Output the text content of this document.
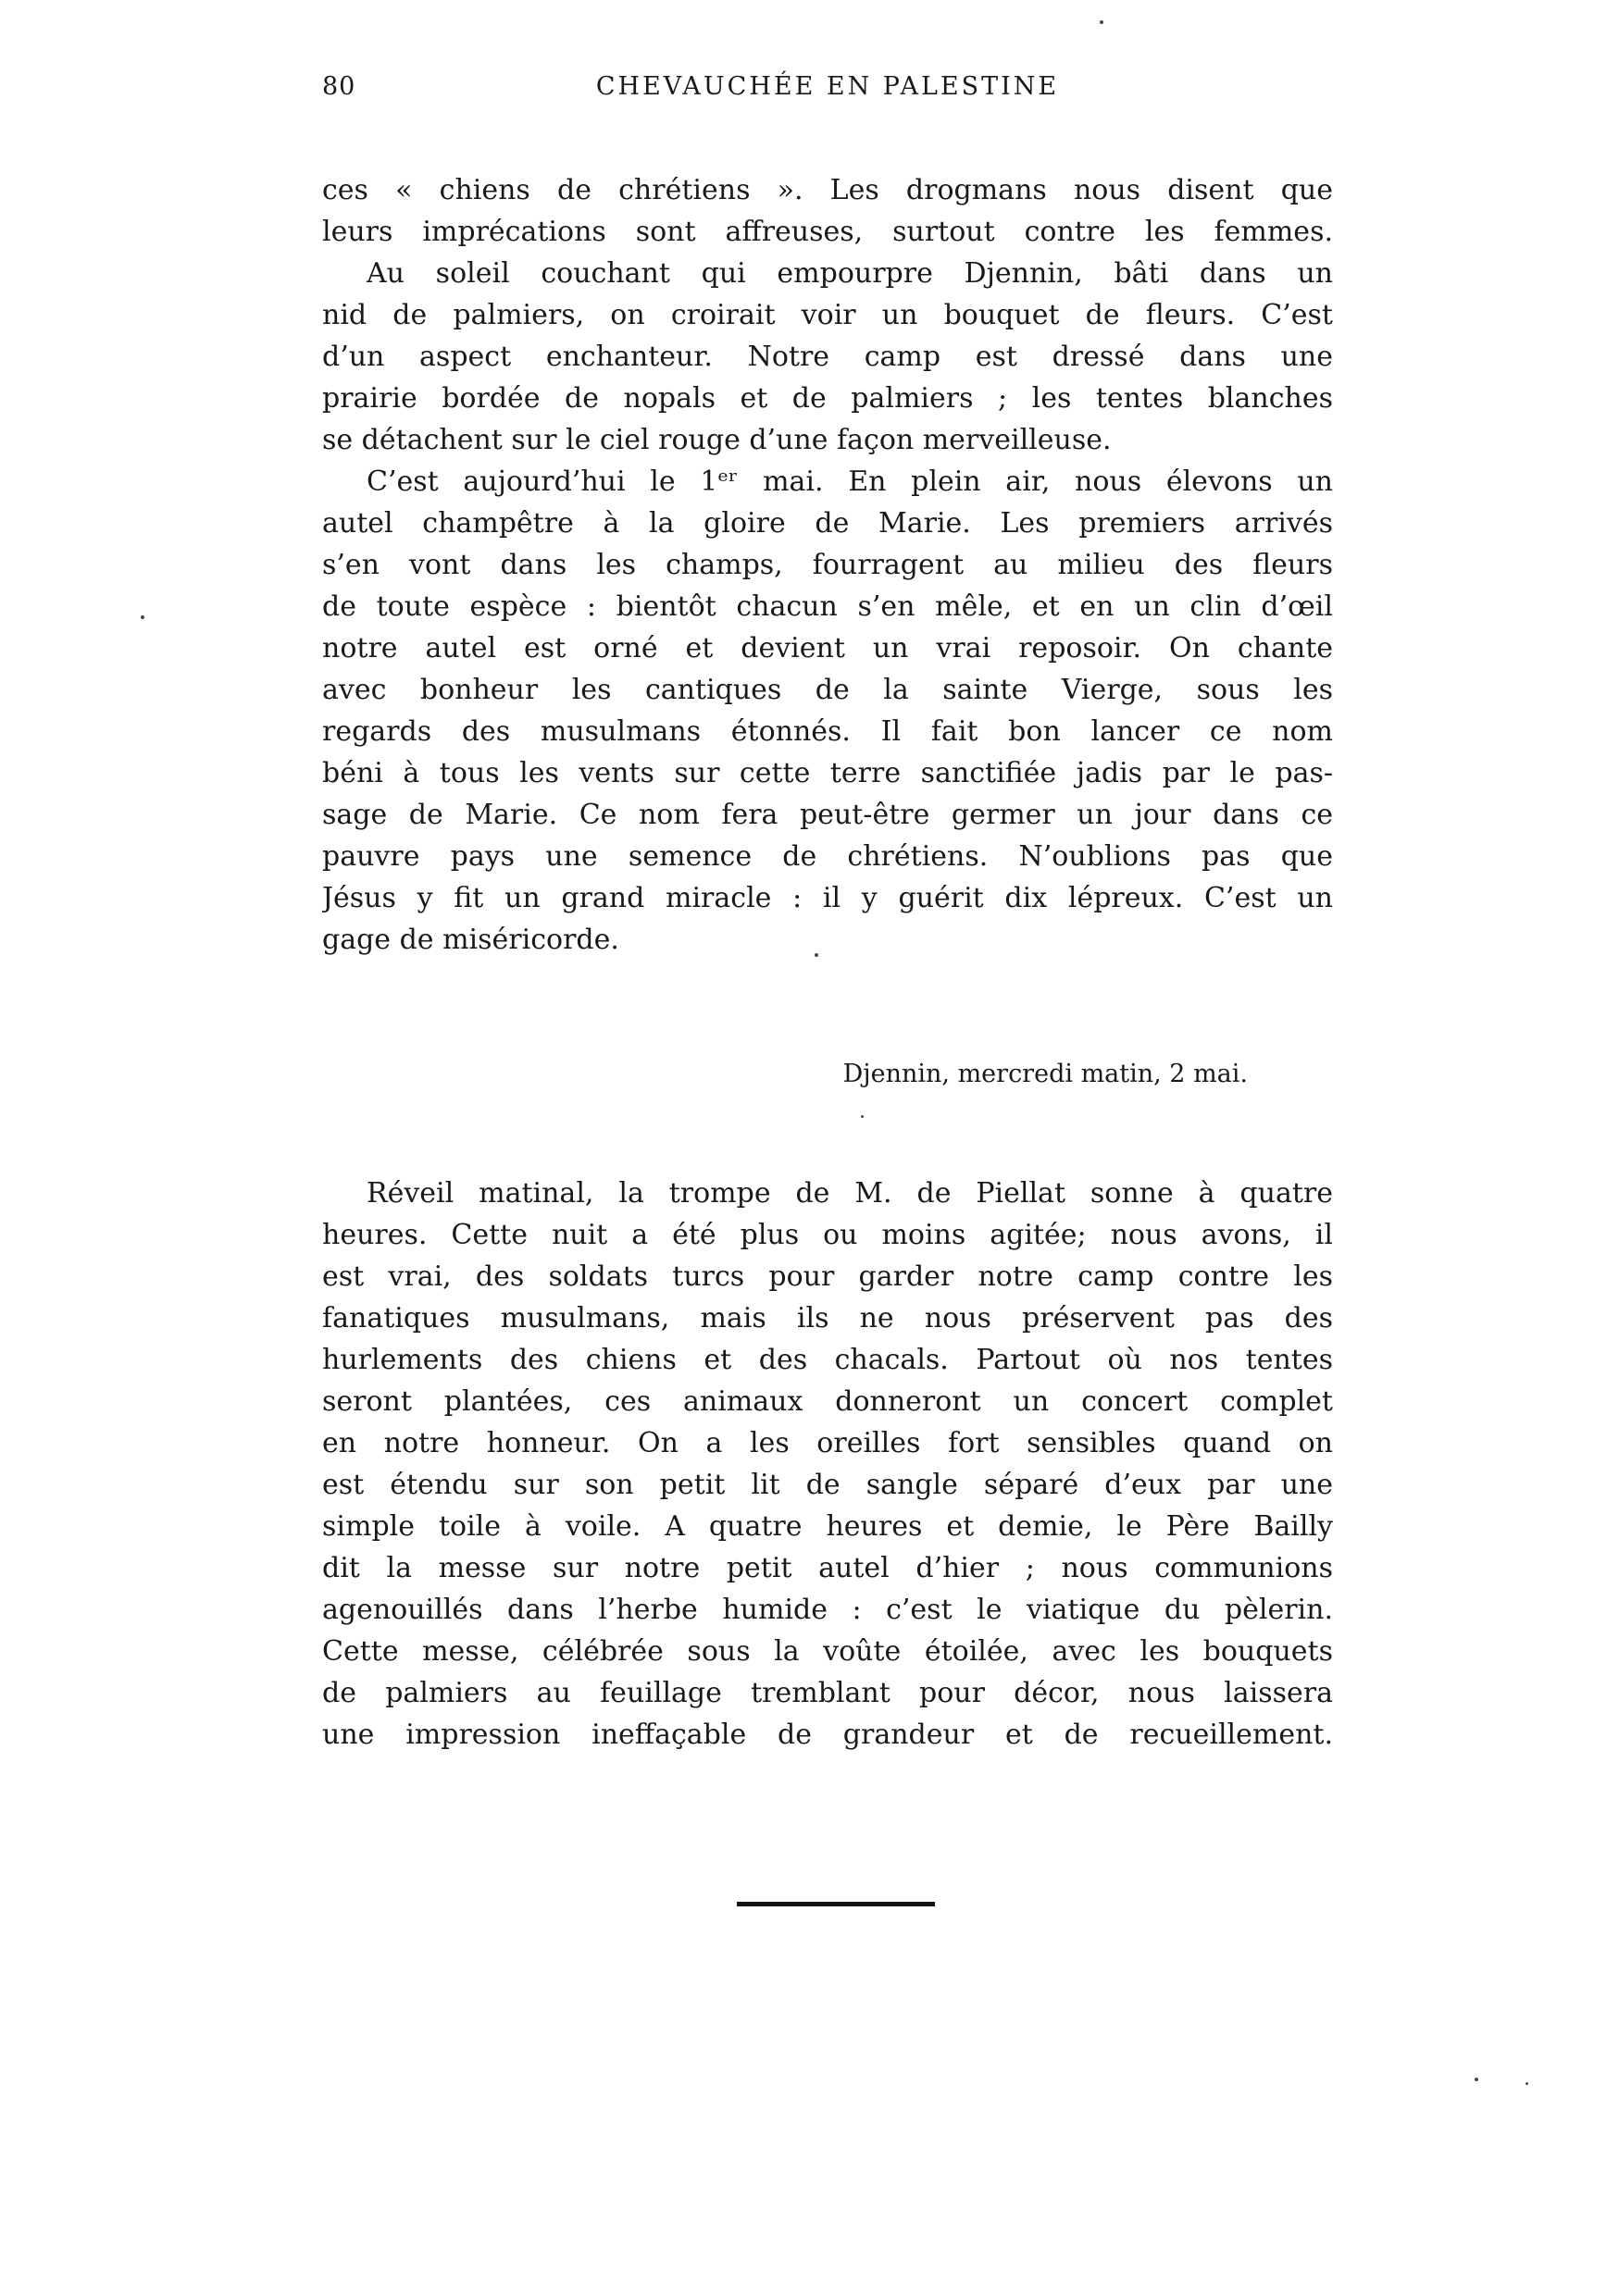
80	CHEVAUCHÉE EN PALESTINE
ces « chiens de chrétiens ». Les drogmans nous disent que
leurs imprécations sont affreuses, surtout contre les femmes.
Au soleil couchant qui empourpre Djennin, bâti dans un
nid de palmiers, on croirait voir un bouquet de fleurs. C’est
d’un aspect enchanteur. Notre camp est dressé dans une
prairie bordée de nopals et de palmiers ; les tentes blanches
se détachent sur le ciel rouge d’une façon merveilleuse.
C’est aujourd’hui le 1ᵉʳ mai. En plein air, nous élevons un
autel champêtre à la gloire de Marie. Les premiers arrivés
s’en vont dans les champs, fourragent au milieu des fleurs
de toute espèce : bientôt chacun s’en mêle, et en un clin d’œil
notre autel est orné et devient un vrai reposoir. On chante
avec bonheur les cantiques de la sainte Vierge, sous les
regards des musulmans étonnés. Il fait bon lancer ce nom
béni à tous les vents sur cette terre sanctifiée jadis par le pas-
sage de Marie. Ce nom fera peut-être germer un jour dans ce
pauvre pays une semence de chrétiens. N’oublions pas que
Jésus y fit un grand miracle : il y guérit dix lépreux. C’est un
gage de miséricorde.
Djennin, mercredi matin, 2 mai.
Réveil matinal, la trompe de M. de Piellat sonne à quatre
heures. Cette nuit a été plus ou moins agitée; nous avons, il
est vrai, des soldats turcs pour garder notre camp contre les
fanatiques musulmans, mais ils ne nous préservent pas des
hurlements des chiens et des chacals. Partout où nos tentes
seront plantées, ces animaux donneront un concert complet
en notre honneur. On a les oreilles fort sensibles quand on
est étendu sur son petit lit de sangle séparé d’eux par une
simple toile à voile. A quatre heures et demie, le Père Bailly
dit la messe sur notre petit autel d’hier ; nous communions
agenouillés dans l’herbe humide : c’est le viatique du pèlerin.
Cette messe, célébrée sous la voûte étoilée, avec les bouquets
de palmiers au feuillage tremblant pour décor, nous laissera
une impression ineffaçable de grandeur et de recueillement.
